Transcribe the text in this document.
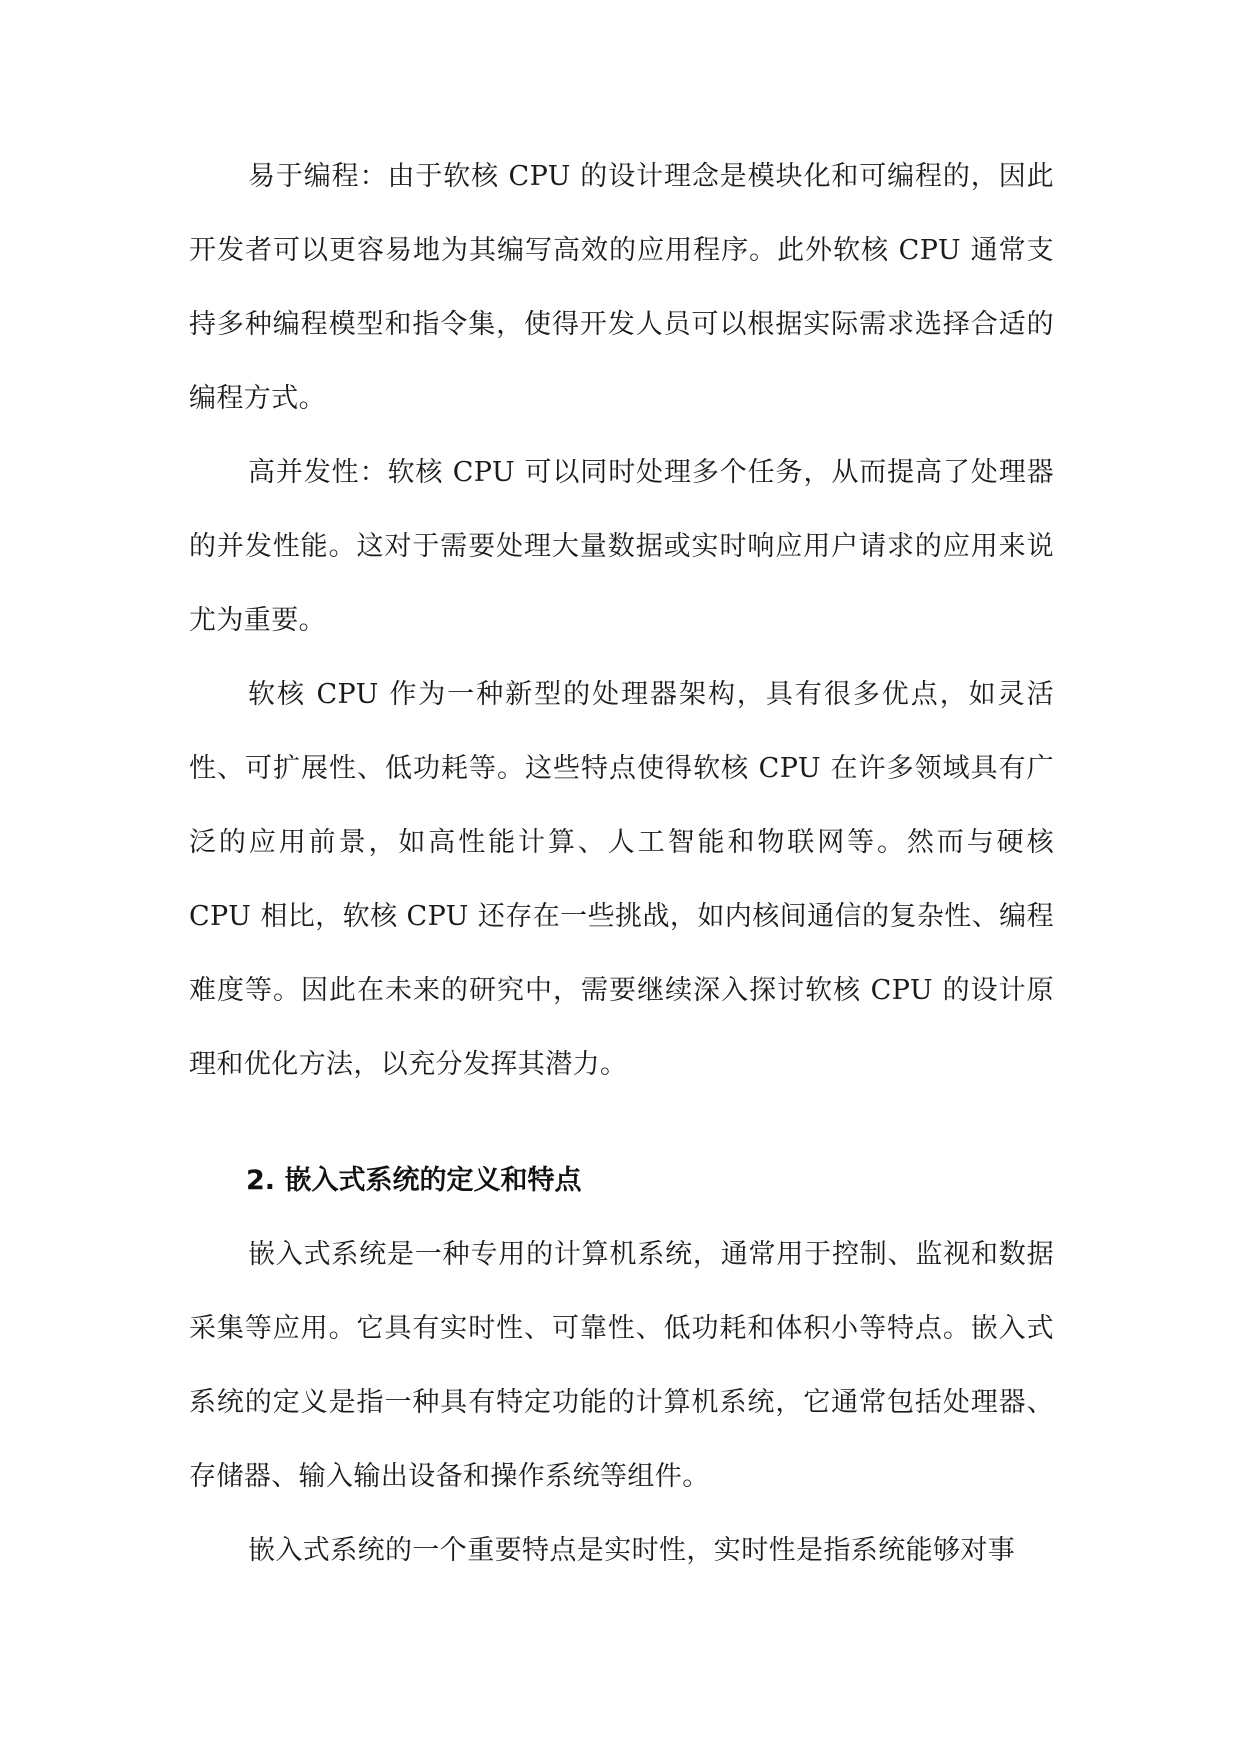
易于编程：由于软核 CPU 的设计理念是模块化和可编程的，因此开发者可以更容易地为其编写高效的应用程序。此外软核 CPU 通常支持多种编程模型和指令集，使得开发人员可以根据实际需求选择合适的编程方式。

高并发性：软核 CPU 可以同时处理多个任务，从而提高了处理器的并发性能。这对于需要处理大量数据或实时响应用户请求的应用来说尤为重要。

软核 CPU 作为一种新型的处理器架构，具有很多优点，如灵活性、可扩展性、低功耗等。这些特点使得软核 CPU 在许多领域具有广泛的应用前景，如高性能计算、人工智能和物联网等。然而与硬核 CPU 相比，软核 CPU 还存在一些挑战，如内核间通信的复杂性、编程难度等。因此在未来的研究中，需要继续深入探讨软核 CPU 的设计原理和优化方法，以充分发挥其潜力。

2. 嵌入式系统的定义和特点

嵌入式系统是一种专用的计算机系统，通常用于控制、监视和数据采集等应用。它具有实时性、可靠性、低功耗和体积小等特点。嵌入式系统的定义是指一种具有特定功能的计算机系统，它通常包括处理器、存储器、输入输出设备和操作系统等组件。

嵌入式系统的一个重要特点是实时性，实时性是指系统能够对事
